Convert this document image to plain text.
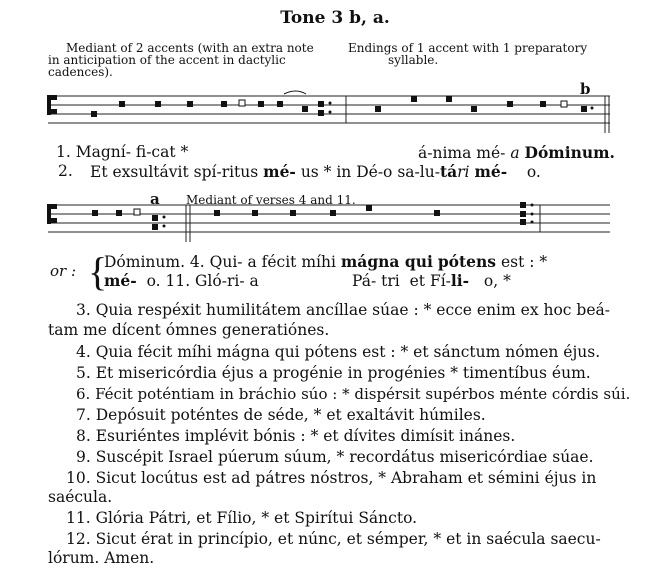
Tone 3 b, a.
Mediant of 2 accents (with an extra note
in anticipation of the accent in dactylic
cadences).
Endings of 1 accent with 1 preparatory
syllable.
b
1. Magní- fi-cat *	á-nima mé- a Dóminum.
2. Et exsultávit spí-ritus mé- us * in Dé-o sa-lu-tári mé- o.
a Mediant of verses 4 and 11.
or : {
Dóminum. 4. Qui- a fécit míhi mágna qui pótens est : *
mé- o. 11. Gló-ri- a	Pá- tri et Fí-li- o, *
3. Quia respéxit humilitátem ancíllae súae : * ecce enim ex hoc beá-
tam me dícent ómnes generatiónes.
4. Quia fécit míhi mágna qui pótens est : * et sánctum nómen éjus.
5. Et misericórdia éjus a progénie in progénies * timentíbus éum.
6. Fécit poténtiam in bráchio súo : * dispérsit supérbos ménte córdis súi.
7. Depósuit poténtes de séde, * et exaltávit húmiles.
8. Esuriéntes implévit bónis : * et dívites dimísit inánes.
9. Suscépit Israel púerum súum, * recordátus misericórdiae súae.
10. Sicut locútus est ad pátres nóstros, * Abraham et sémini éjus in
saécula.
11. Glória Pátri, et Fílio, * et Spirítui Sáncto.
12. Sicut érat in princípio, et núnc, et sémper, * et in saécula saecu-
lórum. Amen.
